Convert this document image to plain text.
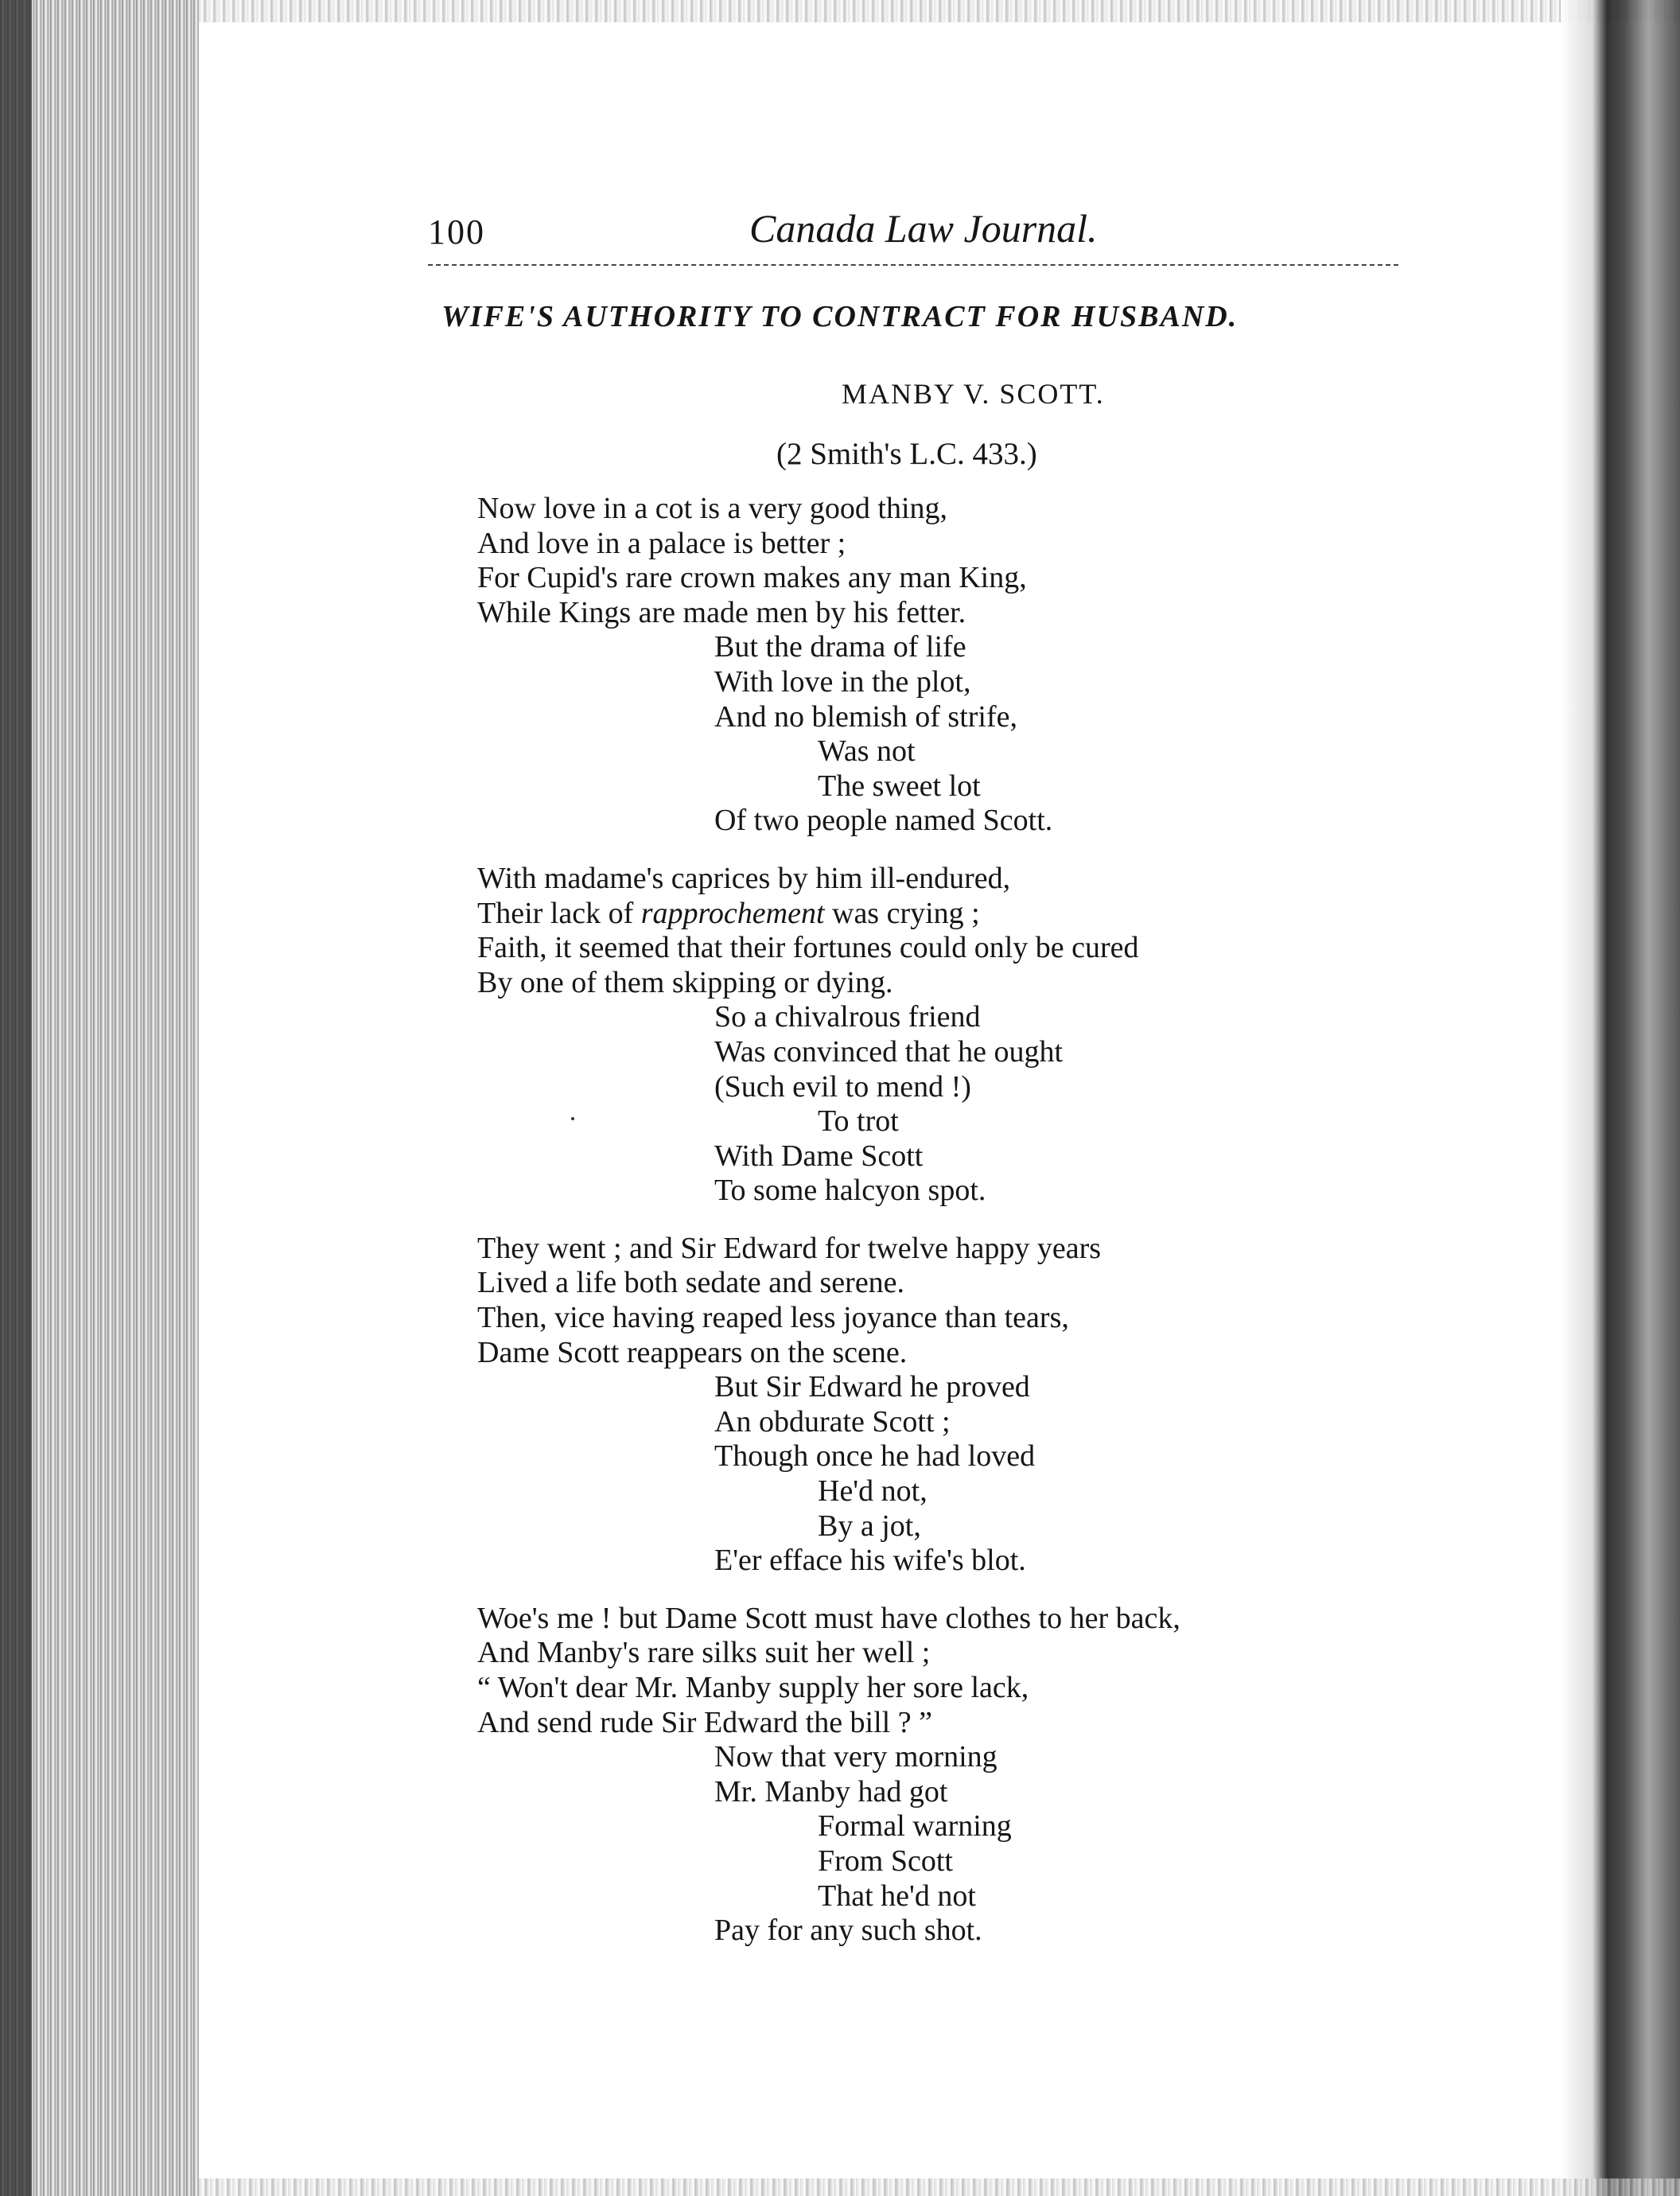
100	Canada Law Journal.
WIFE'S AUTHORITY TO CONTRACT FOR HUSBAND.
MANBY V. SCOTT.
(2 Smith's L.C. 433.)
Now love in a cot is a very good thing,
And love in a palace is better ;
For Cupid's rare crown makes any man King,
While Kings are made men by his fetter.
But the drama of life
With love in the plot,
And no blemish of strife,
Was not
The sweet lot
Of two people named Scott.
With madame's caprices by him ill-endured,
Their lack of rapprochement was crying ;
Faith, it seemed that their fortunes could only be cured
By one of them skipping or dying.
So a chivalrous friend
Was convinced that he ought
(Such evil to mend !)
To trot
With Dame Scott
To some halcyon spot.
They went ; and Sir Edward for twelve happy years
Lived a life both sedate and serene.
Then, vice having reaped less joyance than tears,
Dame Scott reappears on the scene.
But Sir Edward he proved
An obdurate Scott ;
Though once he had loved
He'd not,
By a jot,
E'er efface his wife's blot.
Woe's me ! but Dame Scott must have clothes to her back,
And Manby's rare silks suit her well ;
“ Won't dear Mr. Manby supply her sore lack,
And send rude Sir Edward the bill ? ”
Now that very morning
Mr. Manby had got
Formal warning
From Scott
That he'd not
Pay for any such shot.
